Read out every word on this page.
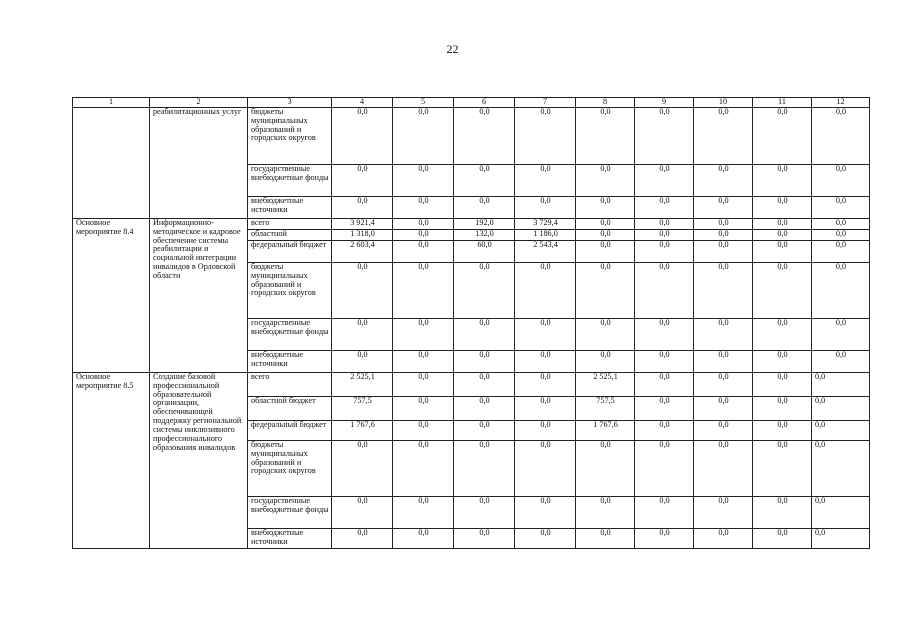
22
1	2	3	4	5	6	7	8	9	10	11	12
	реабилитационных услуг	бюджеты муниципальных образований и городских округов	0,0	0,0	0,0	0,0	0,0	0,0	0,0	0,0	0,0
		государственные внебюджетные фонды	0,0	0,0	0,0	0,0	0,0	0,0	0,0	0,0	0,0
		внебюджетные источники	0,0	0,0	0,0	0,0	0,0	0,0	0,0	0,0	0,0
Основное мероприятие 8.4	Информационно-методическое и кадровое обеспечение системы реабилитации и социальной интеграции инвалидов в Орловской области	всего	3 921,4	0,0	192,0	3 729,4	0,0	0,0	0,0	0,0	0,0
		областной	1 318,0	0,0	132,0	1 186,0	0,0	0,0	0,0	0,0	0,0
		федеральный бюджет	2 603,4	0,0	60,0	2 543,4	0,0	0,0	0,0	0,0	0,0
		бюджеты муниципальных образований и городских округов	0,0	0,0	0,0	0,0	0,0	0,0	0,0	0,0	0,0
		государственные внебюджетные фонды	0,0	0,0	0,0	0,0	0,0	0,0	0,0	0,0	0,0
		внебюджетные источники	0,0	0,0	0,0	0,0	0,0	0,0	0,0	0,0	0,0
Основное мероприятие 8.5	Создание базовой профессиональной образовательной организации, обеспечивающей поддержку региональной системы инклюзивного профессионального образования инвалидов	всего	2 525,1	0,0	0,0	0,0	2 525,1	0,0	0,0	0,0	0,0
		областной бюджет	757,5	0,0	0,0	0,0	757,5	0,0	0,0	0,0	0,0
		федеральный бюджет	1 767,6	0,0	0,0	0,0	1 767,6	0,0	0,0	0,0	0,0
		бюджеты муниципальных образований и городских округов	0,0	0,0	0,0	0,0	0,0	0,0	0,0	0,0	0,0
		государственные внебюджетные фонды	0,0	0,0	0,0	0,0	0,0	0,0	0,0	0,0	0,0
		внебюджетные источники	0,0	0,0	0,0	0,0	0,0	0,0	0,0	0,0	0,0
